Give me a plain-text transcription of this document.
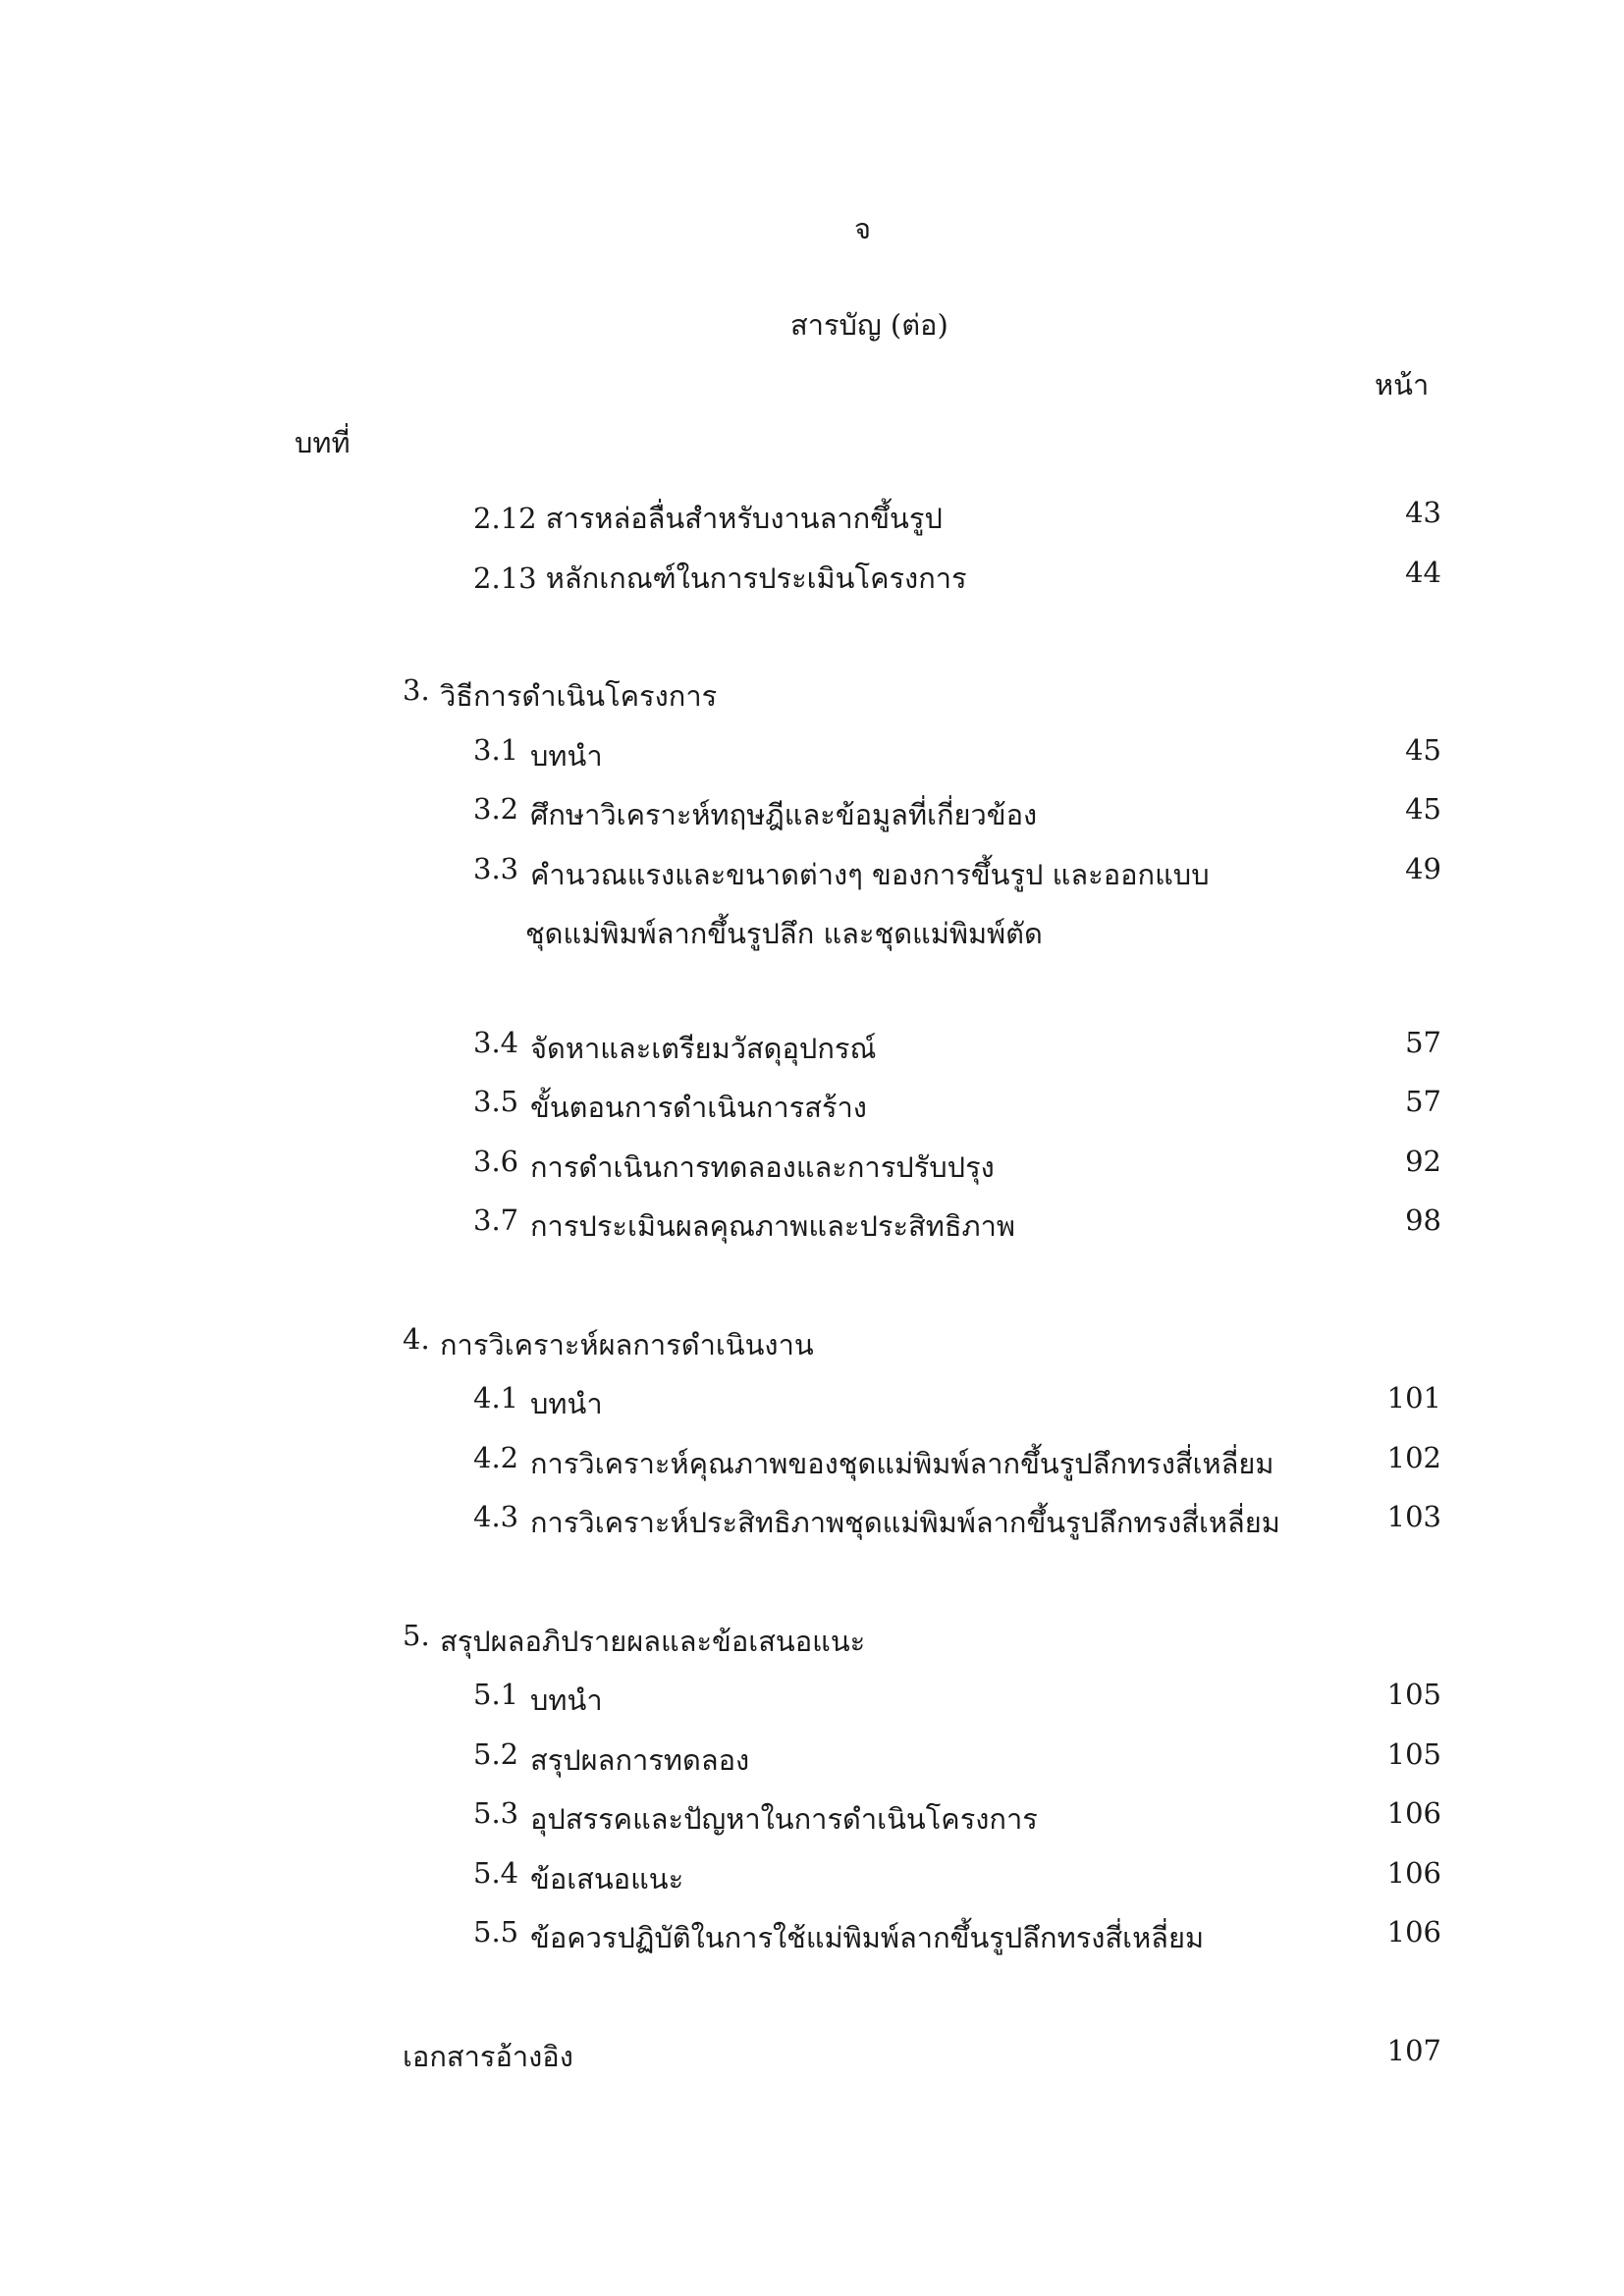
จ
สารบัญ (ต่อ)
หน้า
บทที่
2.12 สารหล่อลื่นสำหรับงานลากขึ้นรูป	43
2.13 หลักเกณฑ์ในการประเมินโครงการ	44
3. วิธีการดำเนินโครงการ
3.1 บทนำ	45
3.2 ศึกษาวิเคราะห์ทฤษฎีและข้อมูลที่เกี่ยวข้อง	45
3.3 คำนวณแรงและขนาดต่างๆ ของการขึ้นรูป และออกแบบ	49
ชุดแม่พิมพ์ลากขึ้นรูปลึก และชุดแม่พิมพ์ตัด
3.4 จัดหาและเตรียมวัสดุอุปกรณ์	57
3.5 ขั้นตอนการดำเนินการสร้าง	57
3.6 การดำเนินการทดลองและการปรับปรุง	92
3.7 การประเมินผลคุณภาพและประสิทธิภาพ	98
4. การวิเคราะห์ผลการดำเนินงาน
4.1 บทนำ	101
4.2 การวิเคราะห์คุณภาพของชุดแม่พิมพ์ลากขึ้นรูปลึกทรงสี่เหลี่ยม	102
4.3 การวิเคราะห์ประสิทธิภาพชุดแม่พิมพ์ลากขึ้นรูปลึกทรงสี่เหลี่ยม	103
5. สรุปผลอภิปรายผลและข้อเสนอแนะ
5.1 บทนำ	105
5.2 สรุปผลการทดลอง	105
5.3 อุปสรรคและปัญหาในการดำเนินโครงการ	106
5.4 ข้อเสนอแนะ	106
5.5 ข้อควรปฏิบัติในการใช้แม่พิมพ์ลากขึ้นรูปลึกทรงสี่เหลี่ยม	106
เอกสารอ้างอิง	107
